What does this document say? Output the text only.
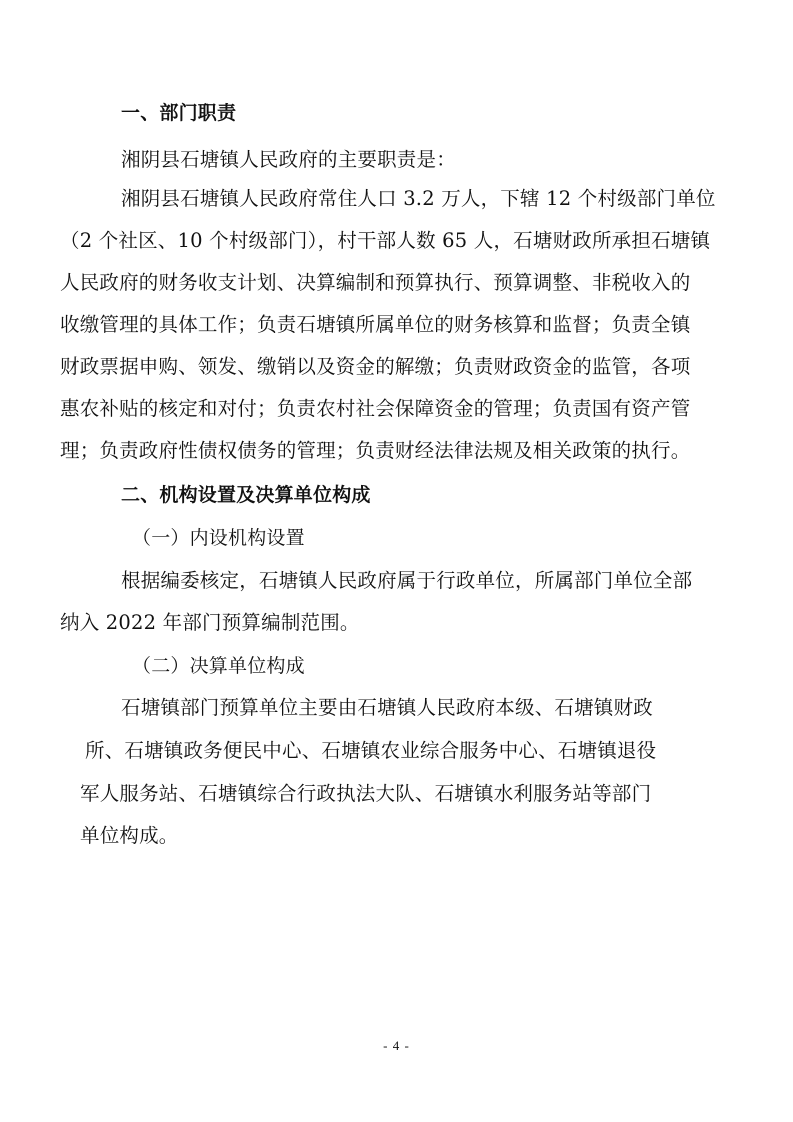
一、部门职责
湘阴县石塘镇人民政府的主要职责是：
湘阴县石塘镇人民政府常住人口 3.2 万人，下辖 12 个村级部门单位
（2 个社区、10 个村级部门），村干部人数 65 人，石塘财政所承担石塘镇
人民政府的财务收支计划、决算编制和预算执行、预算调整、非税收入的
收缴管理的具体工作；负责石塘镇所属单位的财务核算和监督；负责全镇
财政票据申购、领发、缴销以及资金的解缴；负责财政资金的监管，各项
惠农补贴的核定和对付；负责农村社会保障资金的管理；负责国有资产管
理；负责政府性债权债务的管理；负责财经法律法规及相关政策的执行。
二、机构设置及决算单位构成
（一）内设机构设置
根据编委核定，石塘镇人民政府属于行政单位，所属部门单位全部
纳入 2022 年部门预算编制范围。
（二）决算单位构成
石塘镇部门预算单位主要由石塘镇人民政府本级、石塘镇财政
所、石塘镇政务便民中心、石塘镇农业综合服务中心、石塘镇退役
军人服务站、石塘镇综合行政执法大队、石塘镇水利服务站等部门
单位构成。
- 4 -
